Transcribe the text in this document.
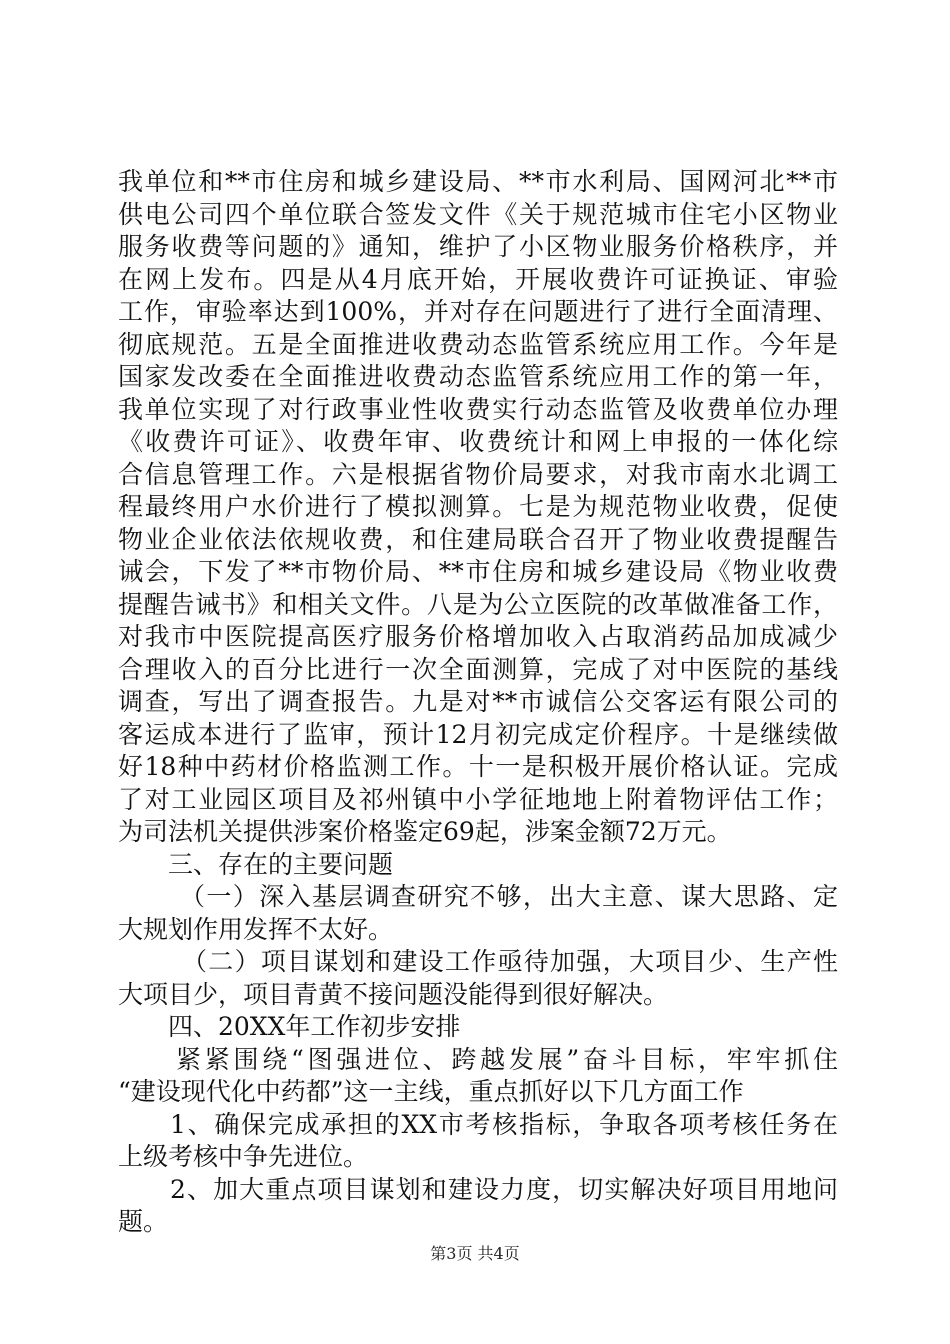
我单位和**市住房和城乡建设局、**市水利局、国网河北**市
供电公司四个单位联合签发文件《关于规范城市住宅小区物业
服务收费等问题的》通知，维护了小区物业服务价格秩序，并
在网上发布。四是从4月底开始，开展收费许可证换证、审验
工作，审验率达到100%，并对存在问题进行了进行全面清理、
彻底规范。五是全面推进收费动态监管系统应用工作。今年是
国家发改委在全面推进收费动态监管系统应用工作的第一年，
我单位实现了对行政事业性收费实行动态监管及收费单位办理
《收费许可证》、收费年审、收费统计和网上申报的一体化综
合信息管理工作。六是根据省物价局要求，对我市南水北调工
程最终用户水价进行了模拟测算。七是为规范物业收费，促使
物业企业依法依规收费，和住建局联合召开了物业收费提醒告
诫会，下发了**市物价局、**市住房和城乡建设局《物业收费
提醒告诫书》和相关文件。八是为公立医院的改革做准备工作，
对我市中医院提高医疗服务价格增加收入占取消药品加成减少
合理收入的百分比进行一次全面测算，完成了对中医院的基线
调查，写出了调查报告。九是对**市诚信公交客运有限公司的
客运成本进行了监审，预计12月初完成定价程序。十是继续做
好18种中药材价格监测工作。十一是积极开展价格认证。完成
了对工业园区项目及祁州镇中小学征地地上附着物评估工作；
为司法机关提供涉案价格鉴定69起，涉案金额72万元。
三、存在的主要问题
（一）深入基层调查研究不够，出大主意、谋大思路、定
大规划作用发挥不太好。
（二）项目谋划和建设工作亟待加强，大项目少、生产性
大项目少，项目青黄不接问题没能得到很好解决。
四、20XX年工作初步安排
紧紧围绕“图强进位、跨越发展”奋斗目标，牢牢抓住
“建设现代化中药都”这一主线，重点抓好以下几方面工作
1、确保完成承担的XX市考核指标，争取各项考核任务在
上级考核中争先进位。
2、加大重点项目谋划和建设力度，切实解决好项目用地问
题。
第3页 共4页
